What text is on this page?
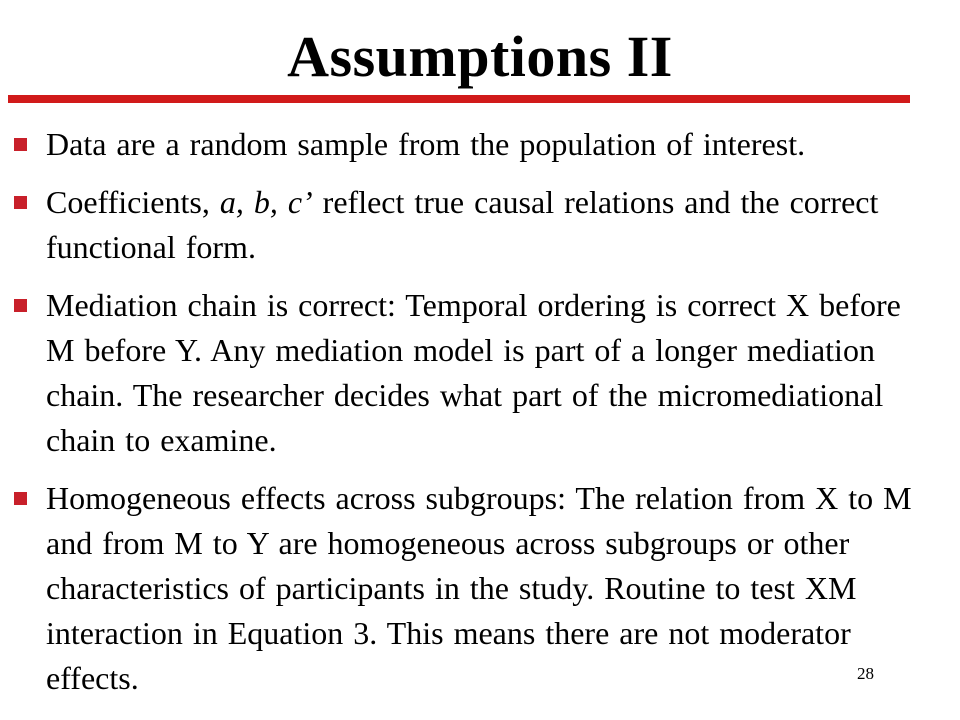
Assumptions II
Data are a random sample from the population of interest.
Coefficients, a, b, c’ reflect true causal relations and the correct functional form.
Mediation chain is correct: Temporal ordering is correct X before M before Y. Any mediation model is part of a longer mediation chain. The researcher decides what part of the micromediational chain to examine.
Homogeneous effects across subgroups: The relation from X to M and from M to Y are homogeneous across subgroups or other characteristics of participants in the study. Routine to test XM interaction in Equation 3. This means there are not moderator effects.	28
